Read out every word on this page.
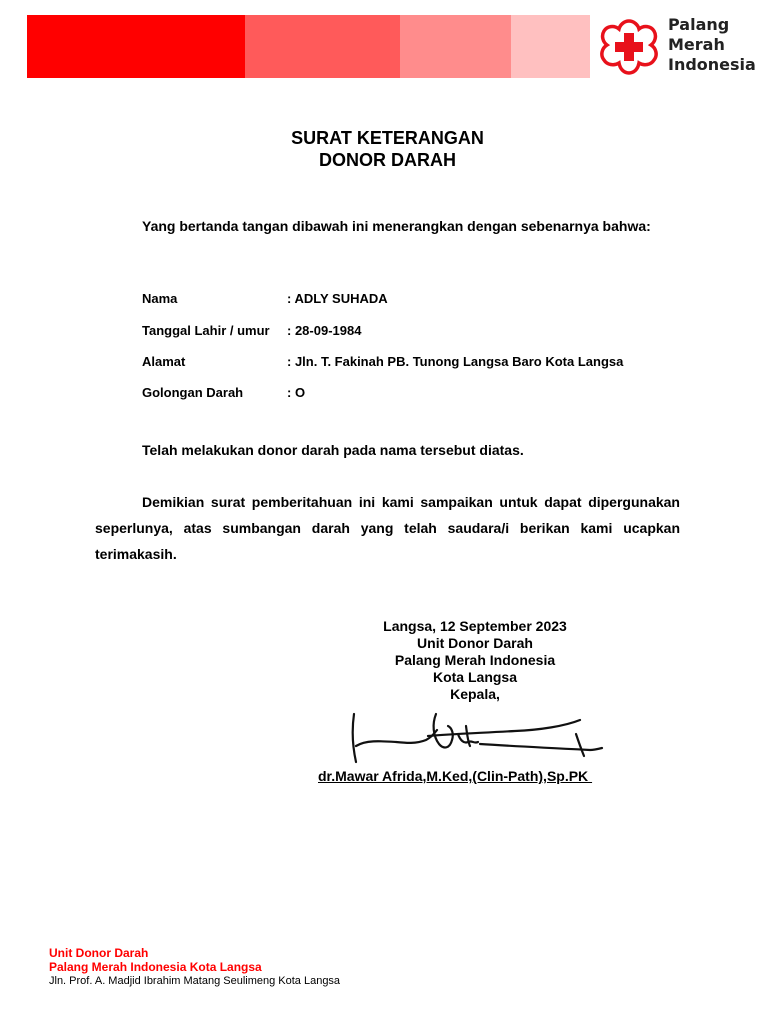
Palang
Merah
Indonesia
SURAT KETERANGAN
DONOR DARAH
Yang bertanda tangan dibawah ini menerangkan dengan sebenarnya bahwa:
Nama	: ADLY SUHADA
Tanggal Lahir / umur : 28-09-1984
Alamat	: Jln. T. Fakinah PB. Tunong Langsa Baro Kota Langsa
Golongan Darah	: O
Telah melakukan donor darah pada nama tersebut diatas.
Demikian surat pemberitahuan ini kami sampaikan untuk dapat dipergunakan seperlunya, atas sumbangan darah yang telah saudara/i berikan kami ucapkan terimakasih.
Langsa, 12 September 2023
Unit Donor Darah
Palang Merah Indonesia
Kota Langsa
Kepala,
dr.Mawar Afrida,M.Ked,(Clin-Path),Sp.PK
Unit Donor Darah
Palang Merah Indonesia Kota Langsa
Jln. Prof. A. Madjid Ibrahim Matang Seulimeng Kota Langsa
